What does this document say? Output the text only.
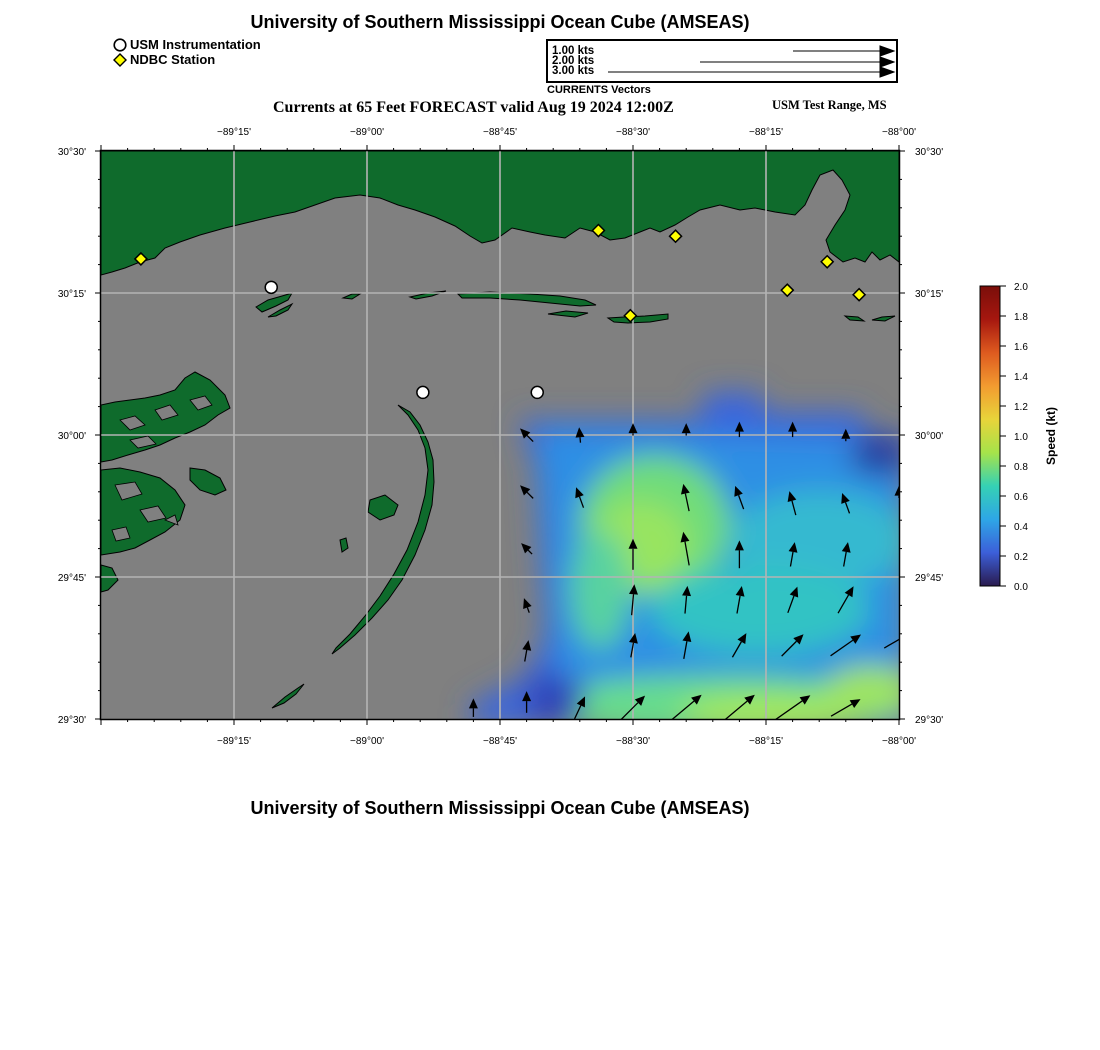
University of Southern Mississippi Ocean Cube (AMSEAS)
USM Instrumentation
NDBC Station
1.00 kts
2.00 kts
3.00 kts
CURRENTS Vectors
Currents at 65 Feet FORECAST valid Aug 19 2024 12:00Z	USM Test Range, MS
−89°15'
−89°15'
−89°00'
−89°00'
−88°45'
−88°45'
−88°30'
−88°30'
−88°15'
−88°15'
−88°00'
−88°00'
30°30'	30°30'
30°15'	30°15'
30°00'	30°00'
29°45'	29°45'
29°30'	29°30'
0.0
0.2
0.4
0.6
0.8
1.0
1.2
1.4
1.6
1.8
2.0
Speed (kt)
University of Southern Mississippi Ocean Cube (AMSEAS)
